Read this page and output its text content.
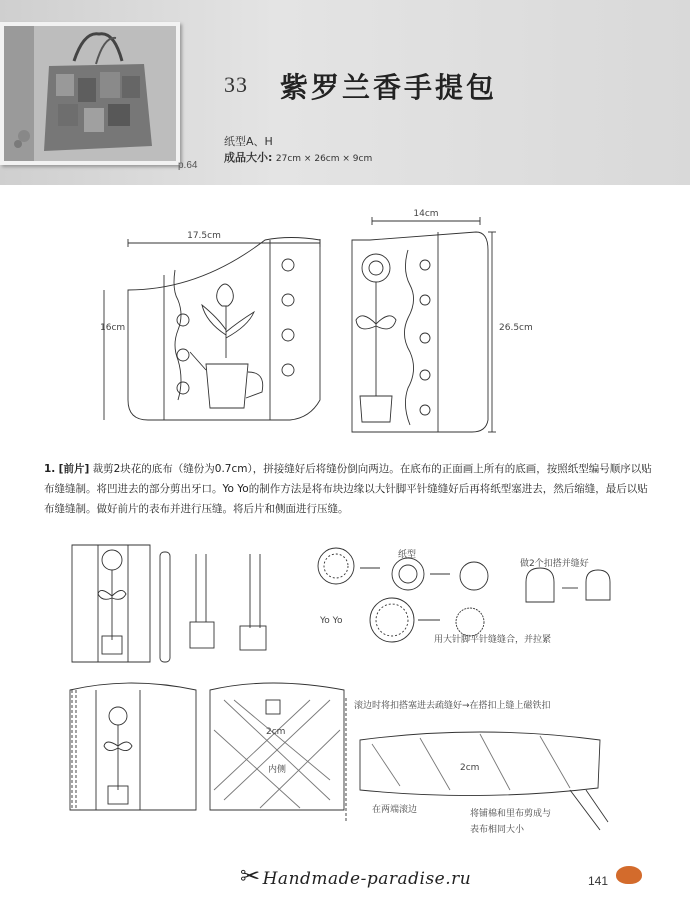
p.64
33 紫罗兰香手提包
纸型A、H
成品大小: 27cm × 26cm × 9cm
17.5cm
16cm
14cm
26.5cm
纸型
Yo Yo
用大针脚平针缝缝合，并拉紧
做2个扣搭并缝好
滚边时将扣搭塞进去疏缝好→在搭扣上缝上磁铁扣
2cm
内侧
在两端滚边
2cm
将铺棉和里布剪成与
表布相同大小
1. [前片] 裁剪2块花的底布（缝份为0.7cm），拼接缝好后将缝份倒向两边。在底布的正面画上所有的底画，按照纸型编号顺序以贴布缝缝制。将凹进去的部分剪出牙口。Yo Yo的制作方法是将布块边缘以大针脚平针缝缝好后再将纸型塞进去，然后缩缝，最后以贴布缝缝制。做好前片的表布并进行压缝。将后片和侧面进行压缝。
✂ Handmade-paradise.ru	141
